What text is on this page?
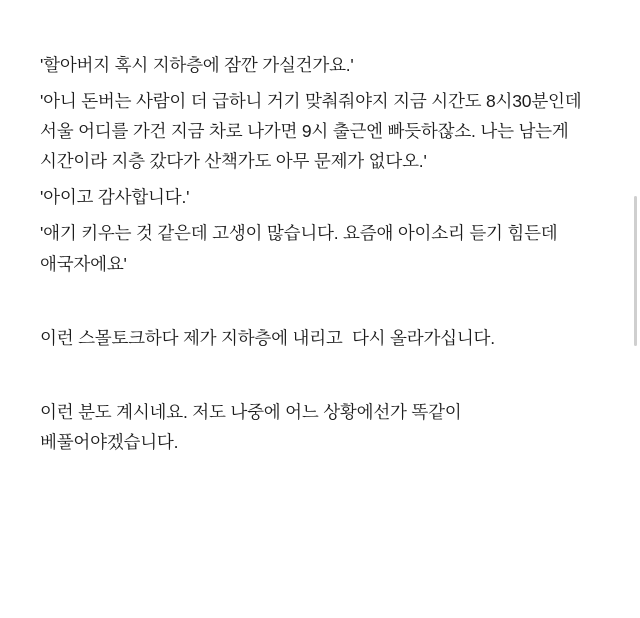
'할아버지 혹시 지하층에 잠깐 가실건가요.'

'아니 돈버는 사람이 더 급하니 거기 맞춰줘야지 지금 시간도 8시30분인데 서울 어디를 가건 지금 차로 나가면 9시 출근엔 빠듯하잖소. 나는 남는게 시간이라 지층 갔다가 산책가도 아무 문제가 없다오.'

'아이고 감사합니다.'

'애기 키우는 것 같은데 고생이 많습니다. 요즘애 아이소리 듣기 힘든데 애국자에요'

이런 스몰토크하다 제가 지하층에 내리고  다시 올라가십니다.

이런 분도 계시네요. 저도 나중에 어느 상황에선가 똑같이 베풀어야겠습니다.
